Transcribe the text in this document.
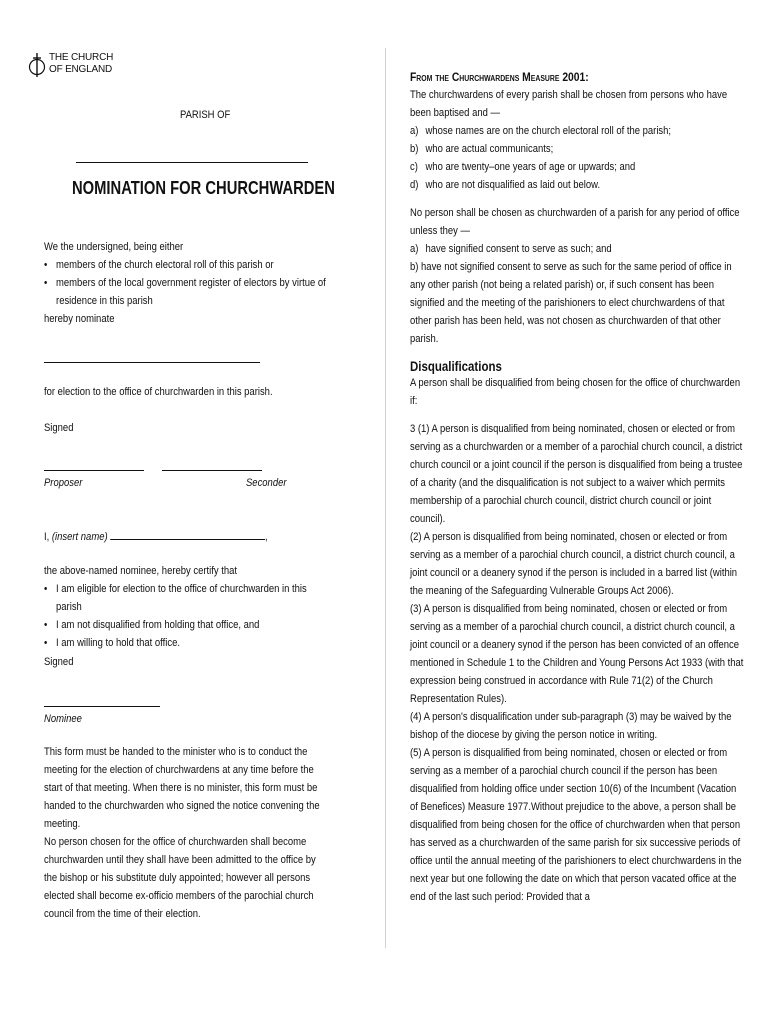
THE CHURCH
OF ENGLAND
PARISH OF
NOMINATION FOR CHURCHWARDEN

We the undersigned, being either

• members of the church electoral roll of this parish or

• members of the local government register of electors by virtue of residence in this parish

hereby nominate

for election to the office of churchwarden in this parish.
Signed
Proposer	Seconder
I, (insert name)	,

the above-named nominee, hereby certify that

• I am eligible for election to the office of churchwarden in this parish

• I am not disqualified from holding that office, and

• I am willing to hold that office.

Signed
Nominee

This form must be handed to the minister who is to conduct the meeting for the election of churchwardens at any time before the start of that meeting. When there is no minister, this form must be handed to the churchwarden who signed the notice convening the meeting.

No person chosen for the office of churchwarden shall become churchwarden until they shall have been admitted to the office by the bishop or his substitute duly appointed; however all persons elected shall become ex-officio members of the parochial church council from the time of their election.

From the Churchwardens Measure 2001:

The churchwardens of every parish shall be chosen from persons who have been baptised and —

a) whose names are on the church electoral roll of the parish;

b) who are actual communicants;

c) who are twenty–one years of age or upwards; and

d) who are not disqualified as laid out below.

No person shall be chosen as churchwarden of a parish for any period of office unless they —

a) have signified consent to serve as such; and

b) have not signified consent to serve as such for the same period of office in any other parish (not being a related parish) or, if such consent has been signified and the meeting of the parishioners to elect churchwardens of that other parish has been held, was not chosen as churchwarden of that other parish.

Disqualifications

A person shall be disqualified from being chosen for the office of churchwarden if:

3 (1) A person is disqualified from being nominated, chosen or elected or from serving as a churchwarden or a member of a parochial church council, a district church council or a joint council if the person is disqualified from being a trustee of a charity (and the disqualification is not subject to a waiver which permits membership of a parochial church council, district church council or joint council).

(2) A person is disqualified from being nominated, chosen or elected or from serving as a member of a parochial church council, a district church council, a joint council or a deanery synod if the person is included in a barred list (within the meaning of the Safeguarding Vulnerable Groups Act 2006).

(3) A person is disqualified from being nominated, chosen or elected or from serving as a member of a parochial church council, a district church council, a joint council or a deanery synod if the person has been convicted of an offence mentioned in Schedule 1 to the Children and Young Persons Act 1933 (with that expression being construed in accordance with Rule 71(2) of the Church Representation Rules).

(4) A person's disqualification under sub-paragraph (3) may be waived by the bishop of the diocese by giving the person notice in writing.

(5) A person is disqualified from being nominated, chosen or elected or from serving as a member of a parochial church council if the person has been disqualified from holding office under section 10(6) of the Incumbent (Vacation of Benefices) Measure 1977.Without prejudice to the above, a person shall be disqualified from being chosen for the office of churchwarden when that person has served as a churchwarden of the same parish for six successive periods of office until the annual meeting of the parishioners to elect churchwardens in the next year but one following the date on which that person vacated office at the end of the last such period: Provided that a
